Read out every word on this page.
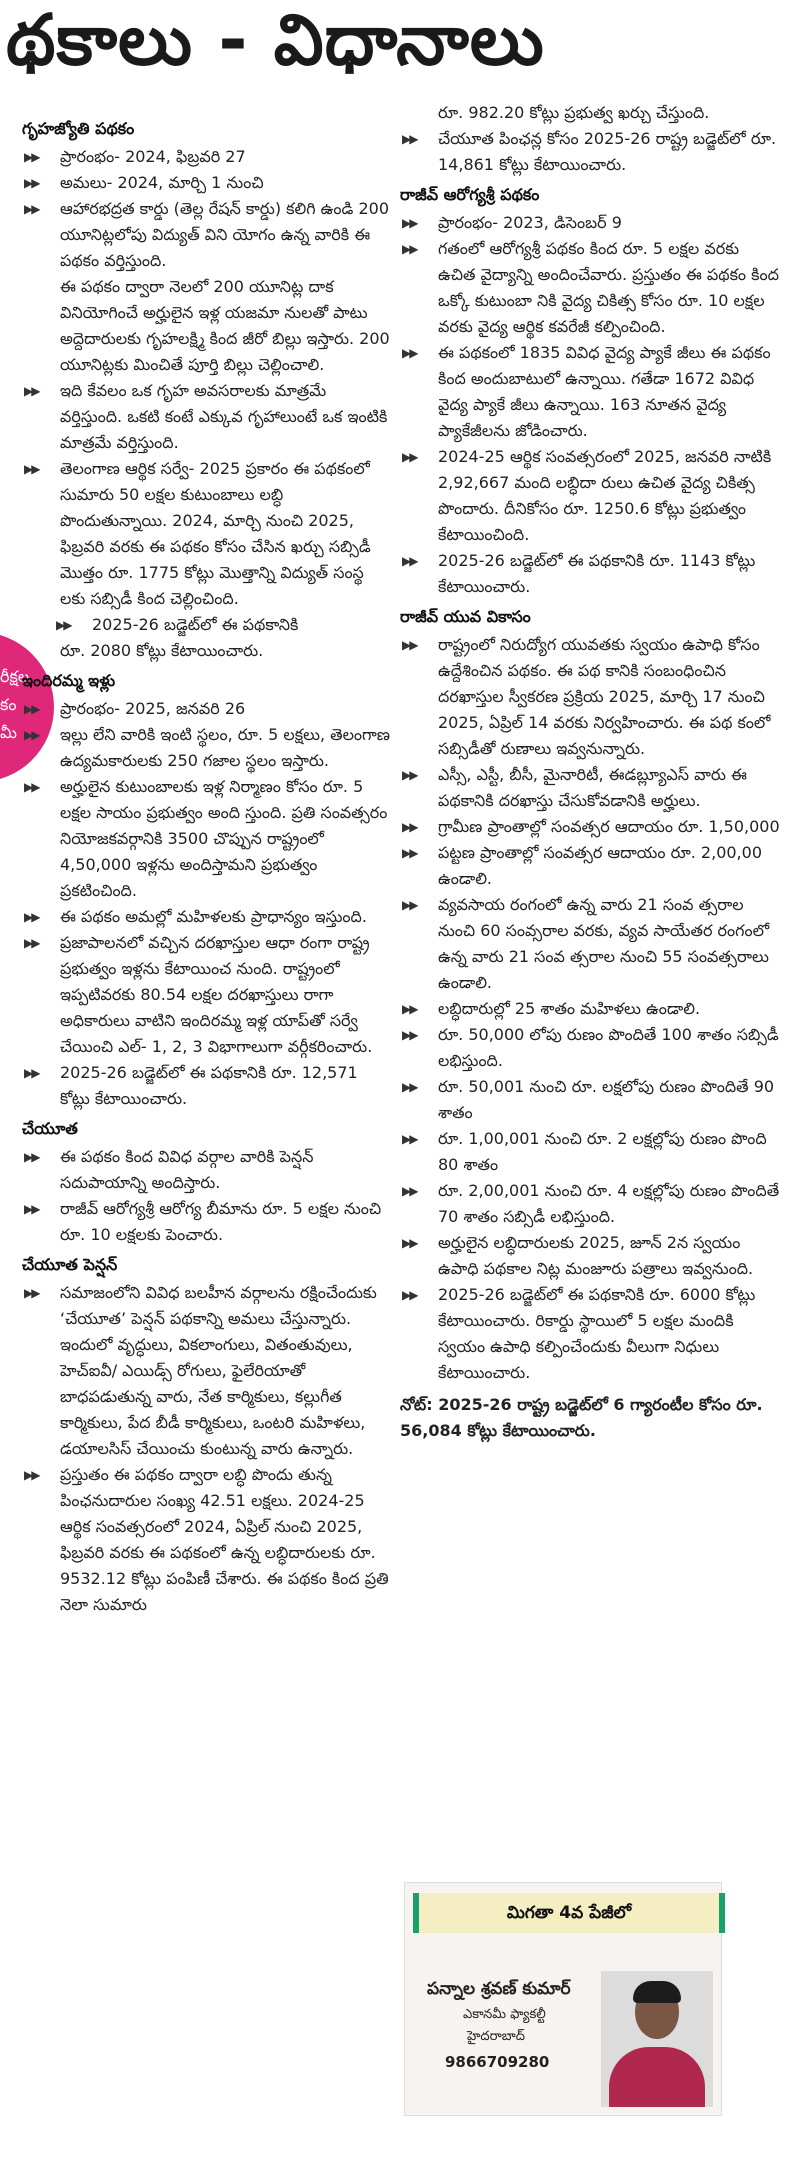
థకాలు - విధానాలు
రీక్షల
కం
మీ
గృహజ్యోతి పథకం
▶▶ ప్రారంభం- 2024, ఫిబ్రవరి 27
▶▶ అమలు- 2024, మార్చి 1 నుంచి
▶▶ ఆహారభద్రత కార్డు (తెల్ల రేషన్ కార్డు) కలిగి ఉండి 200 యూనిట్లలోపు విద్యుత్ విని యోగం ఉన్న వారికి ఈ పథకం వర్తిస్తుంది.
ఈ పథకం ద్వారా నెలలో 200 యూనిట్ల దాక వినియోగించే అర్హులైన ఇళ్ల యజమా నులతో పాటు అద్దెదారులకు గృహలక్ష్మి కింద జీరో బిల్లు ఇస్తారు. 200 యూనిట్లకు మించితే పూర్తి బిల్లు చెల్లించాలి.
▶▶ ఇది కేవలం ఒక గృహ అవసరాలకు మాత్రమే వర్తిస్తుంది. ఒకటి కంటే ఎక్కువ గృహాలుంటే ఒక ఇంటికి మాత్రమే వర్తిస్తుంది.
▶▶ తెలంగాణ ఆర్థిక సర్వే- 2025 ప్రకారం ఈ పథకంలో సుమారు 50 లక్షల కుటుంబాలు లబ్ధి పొందుతున్నాయి. 2024, మార్చి నుంచి 2025, ఫిబ్రవరి వరకు ఈ పథకం కోసం చేసిన ఖర్చు సబ్సిడీ మొత్తం రూ. 1775 కోట్లు మొత్తాన్ని విద్యుత్ సంస్థ లకు సబ్సిడీ కింద చెల్లించింది.
▶▶ 2025-26 బడ్జెట్‌లో ఈ పథకానికి
రూ. 2080 కోట్లు కేటాయించారు.
ఇందిరమ్మ ఇళ్లు
▶▶ ప్రారంభం- 2025, జనవరి 26
▶▶ ఇల్లు లేని వారికి ఇంటి స్థలం, రూ. 5 లక్షలు, తెలంగాణ ఉద్యమకారులకు 250 గజాల స్థలం ఇస్తారు.
▶▶ అర్హులైన కుటుంబాలకు ఇళ్ల నిర్మాణం కోసం రూ. 5 లక్షల సాయం ప్రభుత్వం అంది స్తుంది. ప్రతి సంవత్సరం నియోజకవర్గానికి 3500 చొప్పున రాష్ట్రంలో 4,50,000 ఇళ్లను అందిస్తామని ప్రభుత్వం ప్రకటించింది.
▶▶ ఈ పథకం అమల్లో మహిళలకు ప్రాధాన్యం ఇస్తుంది.
▶▶ ప్రజాపాలనలో వచ్చిన దరఖాస్తుల ఆధా రంగా రాష్ట్ర ప్రభుత్వం ఇళ్లను కేటాయించ నుంది. రాష్ట్రంలో ఇప్పటివరకు 80.54 లక్షల దరఖాస్తులు రాగా అధికారులు వాటిని ఇందిరమ్మ ఇళ్ల యాప్‌తో సర్వే చేయించి ఎల్- 1, 2, 3 విభాగాలుగా వర్గీకరించారు.
▶▶ 2025-26 బడ్జెట్‌లో ఈ పథకానికి రూ. 12,571 కోట్లు కేటాయించారు.
చేయూత
▶▶ ఈ పథకం కింద వివిధ వర్గాల వారికి పెన్షన్ సదుపాయాన్ని అందిస్తారు.
▶▶ రాజీవ్ ఆరోగ్యశ్రీ ఆరోగ్య బీమాను రూ. 5 లక్షల నుంచి రూ. 10 లక్షలకు పెంచారు.
చేయూత పెన్షన్
▶▶ సమాజంలోని వివిధ బలహీన వర్గాలను రక్షించేందుకు ‘చేయూత’ పెన్షన్ పథకాన్ని అమలు చేస్తున్నారు. ఇందులో వృద్ధులు, వికలాంగులు, వితంతువులు, హెచ్‌ఐవీ/ ఎయిడ్స్ రోగులు, ఫైలేరియాతో బాధపడుతున్న వారు, నేత కార్మికులు, కల్లుగీత కార్మికులు, పేద బీడీ కార్మికులు, ఒంటరి మహిళలు, డయాలసిస్ చేయించు కుంటున్న వారు ఉన్నారు.
▶▶ ప్రస్తుతం ఈ పథకం ద్వారా లబ్ధి పొందు తున్న పింఛనుదారుల సంఖ్య 42.51 లక్షలు. 2024-25 ఆర్థిక సంవత్సరంలో 2024, ఏప్రిల్ నుంచి 2025, ఫిబ్రవరి వరకు ఈ పథకంలో ఉన్న లబ్ధిదారులకు రూ. 9532.12 కోట్లు పంపిణీ చేశారు. ఈ పథకం కింద ప్రతి నెలా సుమారు
రూ. 982.20 కోట్లు ప్రభుత్వ ఖర్చు చేస్తుంది.
▶▶ చేయూత పింఛన్ల కోసం 2025-26 రాష్ట్ర బడ్జెట్‌లో రూ. 14,861 కోట్లు కేటాయించారు.
రాజీవ్ ఆరోగ్యశ్రీ పథకం
▶▶ ప్రారంభం- 2023, డిసెంబర్ 9
▶▶ గతంలో ఆరోగ్యశ్రీ పథకం కింద రూ. 5 లక్షల వరకు ఉచిత వైద్యాన్ని అందించేవారు. ప్రస్తుతం ఈ పథకం కింద ఒక్కో కుటుంబా నికి వైద్య చికిత్స కోసం రూ. 10 లక్షల వరకు వైద్య ఆర్థిక కవరేజీ కల్పించింది.
▶▶ ఈ పథకంలో 1835 వివిధ వైద్య ప్యాకే జీలు ఈ పథకం కింద అందుబాటులో ఉన్నాయి. గతేడా 1672 వివిధ వైద్య ప్యాకే జీలు ఉన్నాయి. 163 నూతన వైద్య ప్యాకేజీలను జోడించారు.
▶▶ 2024-25 ఆర్థిక సంవత్సరంలో 2025, జనవరి నాటికి 2,92,667 మంది లబ్ధిదా రులు ఉచిత వైద్య చికిత్స పొందారు. దీనికోసం రూ. 1250.6 కోట్లు ప్రభుత్వం కేటాయించింది.
▶▶ 2025-26 బడ్జెట్‌లో ఈ పథకానికి రూ. 1143 కోట్లు కేటాయించారు.
రాజీవ్ యువ వికాసం
▶▶ రాష్ట్రంలో నిరుద్యోగ యువతకు స్వయం ఉపాధి కోసం ఉద్దేశించిన పథకం. ఈ పథ కానికి సంబంధించిన దరఖాస్తుల స్వీకరణ ప్రక్రియ 2025, మార్చి 17 నుంచి 2025, ఏప్రిల్ 14 వరకు నిర్వహించారు. ఈ పథ కంలో సబ్సిడీతో రుణాలు ఇవ్వనున్నారు.
▶▶ ఎస్సీ, ఎస్టీ, బీసీ, మైనారిటీ, ఈడబ్ల్యూఎస్ వారు ఈ పథకానికి దరఖాస్తు చేసుకోవడానికి అర్హులు.
▶▶ గ్రామీణ ప్రాంతాల్లో సంవత్సర ఆదాయం రూ. 1,50,000
▶▶ పట్టణ ప్రాంతాల్లో సంవత్సర ఆదాయం రూ. 2,00,00 ఉండాలి.
▶▶ వ్యవసాయ రంగంలో ఉన్న వారు 21 సంవ త్సరాల నుంచి 60 సంవ్సరాల వరకు, వ్యవ సాయేతర రంగంలో ఉన్న వారు 21 సంవ త్సరాల నుంచి 55 సంవత్సరాలు ఉండాలి.
▶▶ లబ్ధిదారుల్లో 25 శాతం మహిళలు ఉండాలి.
▶▶ రూ. 50,000 లోపు రుణం పొందితే 100 శాతం సబ్సిడీ లభిస్తుంది.
▶▶ రూ. 50,001 నుంచి రూ. లక్షలోపు రుణం పొందితే 90 శాతం
▶▶ రూ. 1,00,001 నుంచి రూ. 2 లక్షల్లోపు రుణం పొంది 80 శాతం
▶▶ రూ. 2,00,001 నుంచి రూ. 4 లక్షల్లోపు రుణం పొందితే 70 శాతం సబ్సిడీ లభిస్తుంది.
▶▶ అర్హులైన లబ్ధిదారులకు 2025, జూన్ 2న స్వయం ఉపాధి పథకాల నిట్ల మంజూరు పత్రాలు ఇవ్వనుంది.
▶▶ 2025-26 బడ్జెట్‌లో ఈ పథకానికి రూ. 6000 కోట్లు కేటాయించారు. రికార్డు స్థాయిలో 5 లక్షల మందికి స్వయం ఉపాధి కల్పించేందుకు వీలుగా నిధులు కేటాయించారు.
నోట్: 2025-26 రాష్ట్ర బడ్జెట్‌లో 6 గ్యారంటీల కోసం రూ. 56,084 కోట్లు కేటాయించారు.
మిగతా 4వ పేజీలో
పన్నాల శ్రవణ్ కుమార్
ఎకానమీ ఫ్యాకల్టీ
హైదరాబాద్
9866709280
